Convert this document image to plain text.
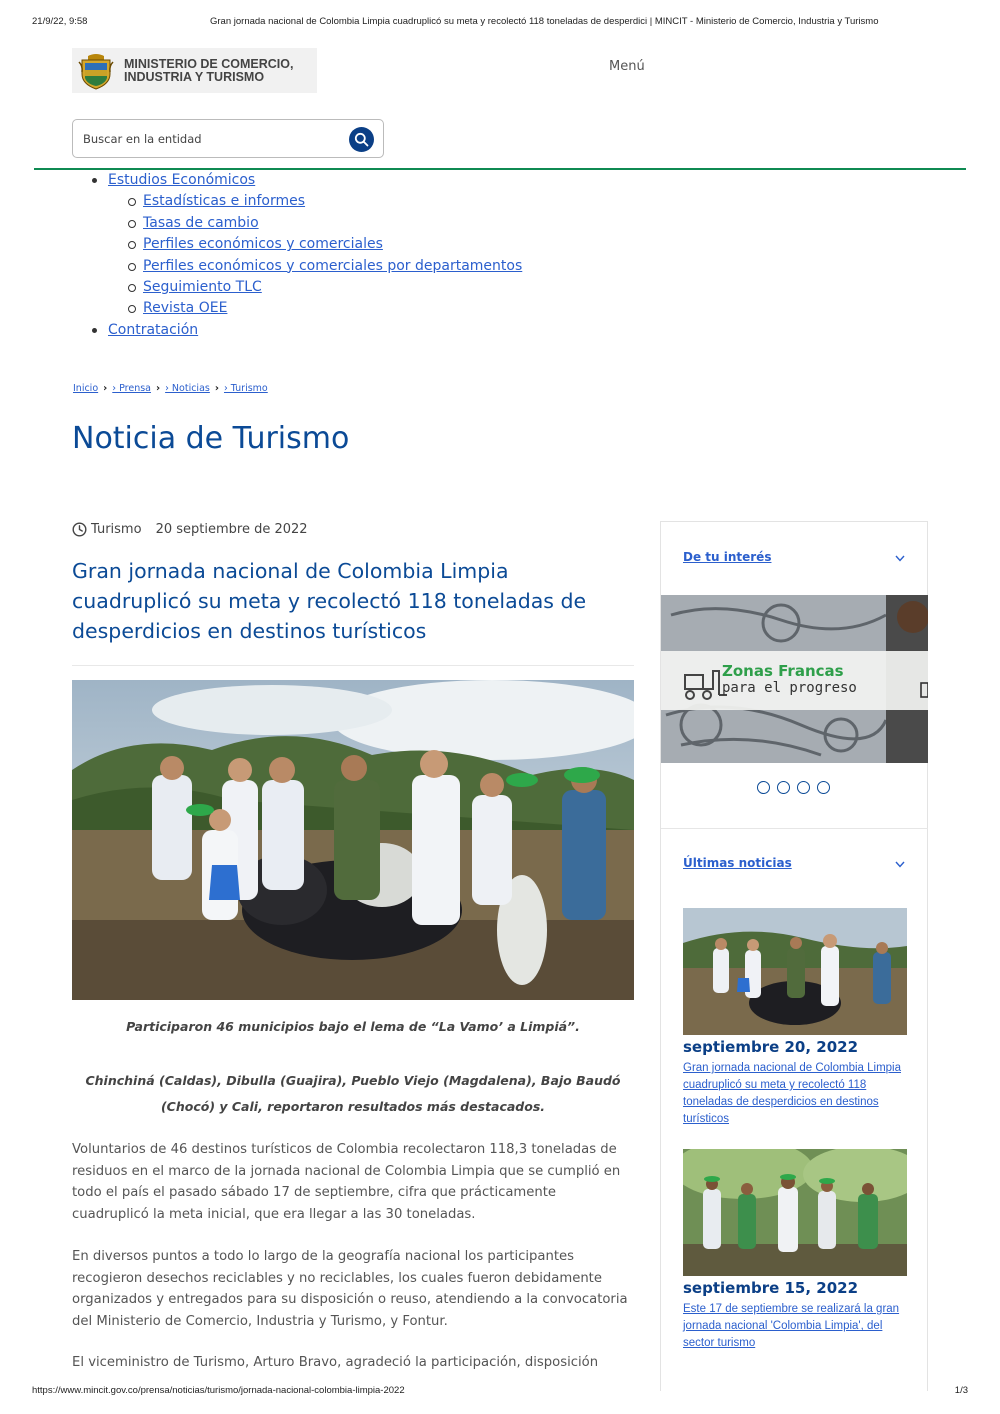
21/9/22, 9:58	Gran jornada nacional de Colombia Limpia cuadruplicó su meta y recolectó 118 toneladas de desperdici | MINCIT - Ministerio de Comercio, Industria y Turismo
MINISTERIO DE COMERCIO,
INDUSTRIA Y TURISMO
Menú
Buscar en la entidad
Estudios Económicos
Estadísticas e informes
Tasas de cambio
Perfiles económicos y comerciales
Perfiles económicos y comerciales por departamentos
Seguimiento TLC
Revista OEE
Contratación
Inicio › › Prensa › › Noticias › › Turismo
Noticia de Turismo
Turismo 20 septiembre de 2022
Gran jornada nacional de Colombia Limpia cuadruplicó su meta y recolectó 118 toneladas de desperdicios en destinos turísticos

Participaron 46 municipios bajo el lema de “La Vamo’ a Limpiá”.

Chinchiná (Caldas), Dibulla (Guajira), Pueblo Viejo (Magdalena), Bajo Baudó (Chocó) y Cali, reportaron resultados más destacados.

Voluntarios de 46 destinos turísticos de Colombia recolectaron 118,3 toneladas de residuos en el marco de la jornada nacional de Colombia Limpia que se cumplió en todo el país el pasado sábado 17 de septiembre, cifra que prácticamente cuadruplicó la meta inicial, que era llegar a las 30 toneladas.

En diversos puntos a todo lo largo de la geografía nacional los participantes recogieron desechos reciclables y no reciclables, los cuales fueron debidamente organizados y entregados para su disposición o reuso, atendiendo a la convocatoria del Ministerio de Comercio, Industria y Turismo, y Fontur.

El viceministro de Turismo, Arturo Bravo, agradeció la participación, disposición

De tu interés
Zonas Francas
para el progreso
Últimas noticias
septiembre 20, 2022
Gran jornada nacional de Colombia Limpia cuadruplicó su meta y recolectó 118 toneladas de desperdicios en destinos turísticos
septiembre 15, 2022
Este 17 de septiembre se realizará la gran jornada nacional 'Colombia Limpia', del sector turismo
https://www.mincit.gov.co/prensa/noticias/turismo/jornada-nacional-colombia-limpia-2022	1/3
